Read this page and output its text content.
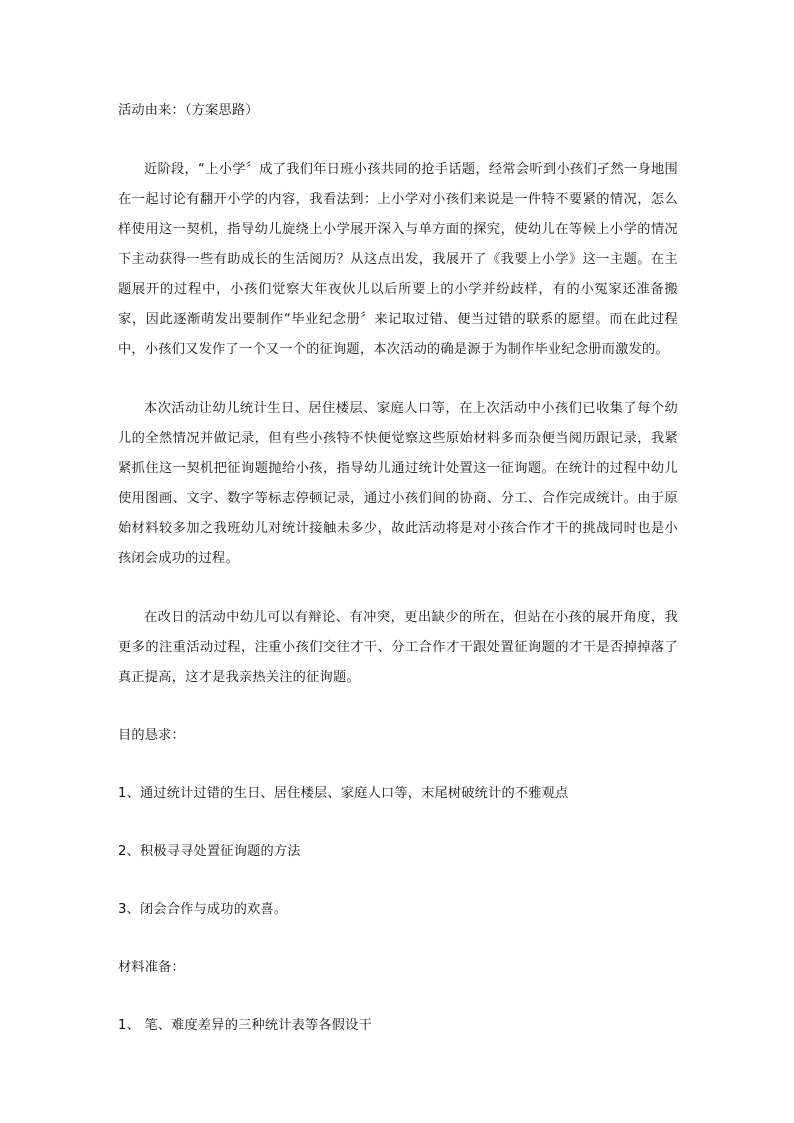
活动由来：（方案思路）

近阶段，“上小学〞成了我们年日班小孩共同的抢手话题，经常会听到小孩们孑然一身地围在一起讨论有翻开小学的内容，我看法到：上小学对小孩们来说是一件特不要紧的情况，怎么样使用这一契机，指导幼儿旋绕上小学展开深入与单方面的探究，使幼儿在等候上小学的情况下主动获得一些有助成长的生活阅历？从这点出发，我展开了《我要上小学》这一主题。在主题展开的过程中，小孩们觉察大年夜伙儿以后所要上的小学并纷歧样，有的小冤家还准备搬家，因此逐渐萌发出要制作“毕业纪念册〞来记取过错、便当过错的联系的愿望。而在此过程中，小孩们又发作了一个又一个的征询题，本次活动的确是源于为制作毕业纪念册而激发的。

本次活动让幼儿统计生日、居住楼层、家庭人口等，在上次活动中小孩们已收集了每个幼儿的全然情况并做记录，但有些小孩特不快便觉察这些原始材料多而杂便当阅历跟记录，我紧紧抓住这一契机把征询题抛给小孩，指导幼儿通过统计处置这一征询题。在统计的过程中幼儿使用图画、文字、数字等标志停顿记录，通过小孩们间的协商、分工、合作完成统计。由于原始材料较多加之我班幼儿对统计接触未多少，故此活动将是对小孩合作才干的挑战同时也是小孩闭会成功的过程。

在改日的活动中幼儿可以有辩论、有冲突，更出缺少的所在，但站在小孩的展开角度，我更多的注重活动过程，注重小孩们交往才干、分工合作才干跟处置征询题的才干是否掉掉落了真正提高，这才是我亲热关注的征询题。

目的恳求：

1、通过统计过错的生日、居住楼层、家庭人口等，末尾树破统计的不雅观点

2、积极寻寻处置征询题的方法

3、闭会合作与成功的欢喜。

材料准备：

1、 笔、难度差异的三种统计表等各假设干
